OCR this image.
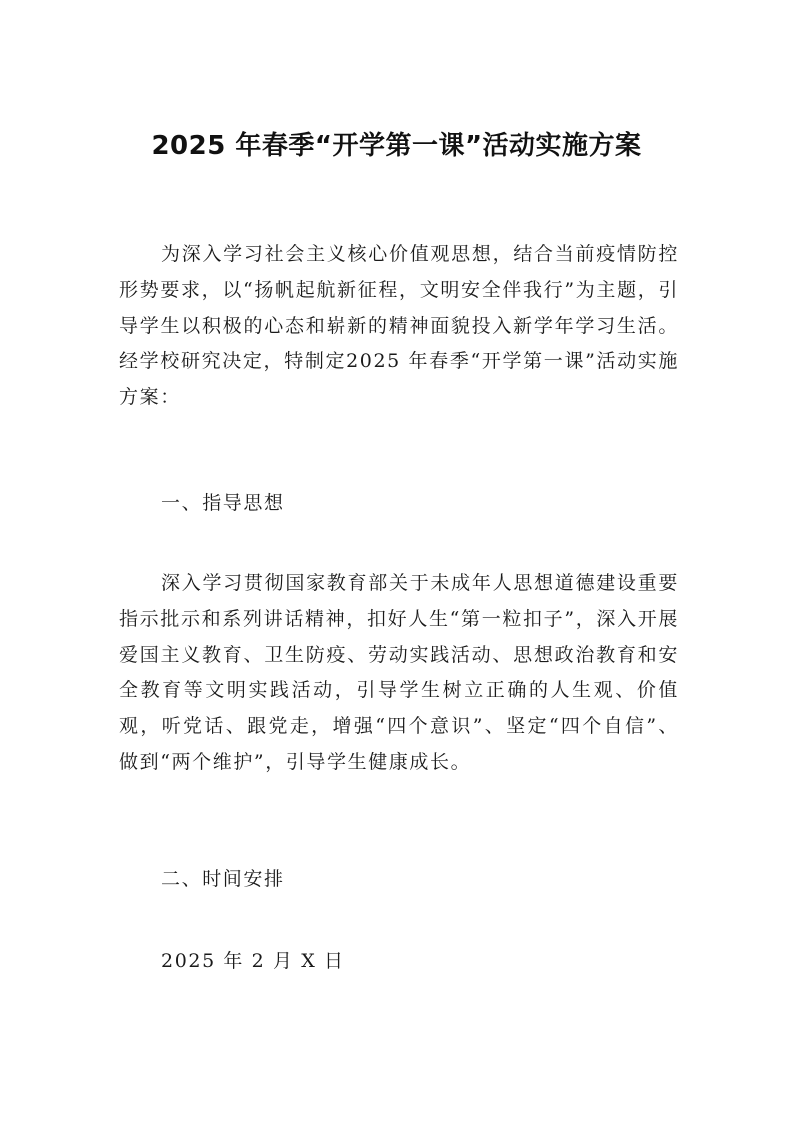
2025 年春季“开学第一课”活动实施方案
为深入学习社会主义核心价值观思想，结合当前疫情防控形势要求，以“扬帆起航新征程，文明安全伴我行”为主题，引导学生以积极的心态和崭新的精神面貌投入新学年学习生活。经学校研究决定，特制定2025 年春季“开学第一课”活动实施方案：
一、指导思想
深入学习贯彻国家教育部关于未成年人思想道德建设重要指示批示和系列讲话精神，扣好人生“第一粒扣子”，深入开展爱国主义教育、卫生防疫、劳动实践活动、思想政治教育和安全教育等文明实践活动，引导学生树立正确的人生观、价值观，听党话、跟党走，增强“四个意识”、坚定“四个自信”、做到“两个维护”，引导学生健康成长。
二、时间安排
2025 年 2 月 X 日
